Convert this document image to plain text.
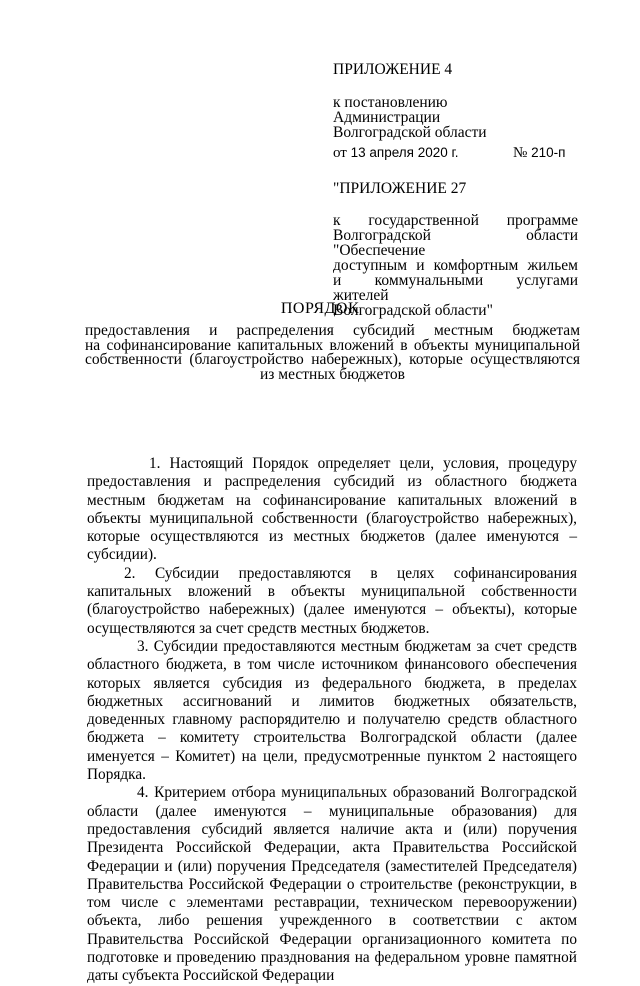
ПРИЛОЖЕНИЕ 4
к постановлению
Администрации
Волгоградской области
от 13 апреля 2020 г.	№ 210-п
"ПРИЛОЖЕНИЕ 27
к государственной программе
Волгоградской области "Обеспечение
доступным и комфортным жильем
и коммунальными услугами жителей
Волгоградской области"
ПОРЯДОК
предоставления и распределения субсидий местным бюджетам
на софинансирование капитальных вложений в объекты муниципальной
собственности (благоустройство набережных), которые осуществляются
из местных бюджетов

1. Настоящий Порядок определяет цели, условия, процедуру предоставления и распределения субсидий из областного бюджета местным бюджетам на софинансирование капитальных вложений в объекты муниципальной собственности (благоустройство набережных), которые осуществляются из местных бюджетов (далее именуются – субсидии).

2. Субсидии предоставляются в целях софинансирования капитальных вложений в объекты муниципальной собственности (благоустройство набережных) (далее именуются – объекты), которые осуществляются за счет средств местных бюджетов.

3. Субсидии предоставляются местным бюджетам за счет средств областного бюджета, в том числе источником финансового обеспечения которых является субсидия из федерального бюджета, в пределах бюджетных ассигнований и лимитов бюджетных обязательств, доведенных главному распорядителю и получателю средств областного бюджета – комитету строительства Волгоградской области (далее именуется – Комитет) на цели, предусмотренные пунктом 2 настоящего Порядка.

4. Критерием отбора муниципальных образований Волгоградской области (далее именуются – муниципальные образования) для предоставления субсидий является наличие акта и (или) поручения Президента Российской Федерации, акта Правительства Российской Федерации и (или) поручения Председателя (заместителей Председателя) Правительства Российской Федерации о строительстве (реконструкции, в том числе с элементами реставрации, техническом перевооружении) объекта, либо решения учрежденного в соответствии с актом Правительства Российской Федерации организационного комитета по подготовке и проведению празднования на федеральном уровне памятной даты субъекта Российской Федерации
